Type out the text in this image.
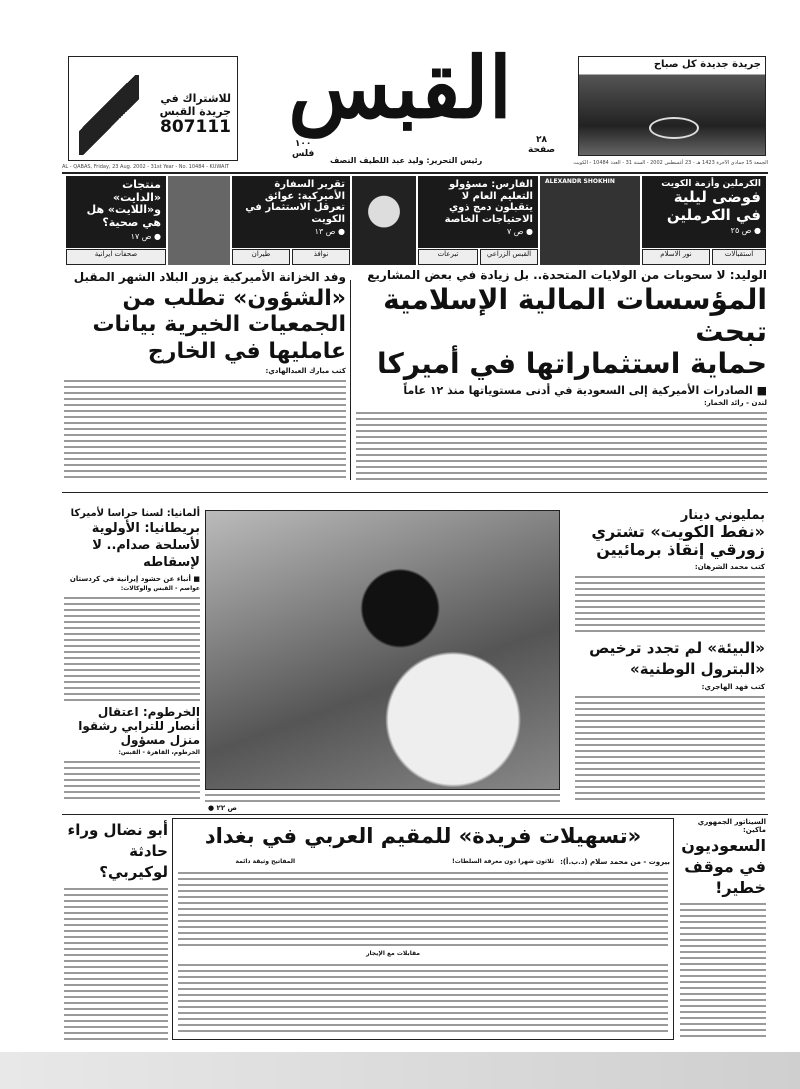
للاشتراك في
جريدة القبس
807111 القبس
١٠٠
فلس
رئيس التحرير: وليد عبد اللطيف النصف
٢٨
صفحة
جريدة جديدة كل صباح
AL - QABAS, Friday, 23 Aug. 2002 - 31st Year - No. 10484 - KUWAIT
الجمعة 15 جمادى الآخرة 1423 هـ - 23 أغسطس 2002 - السنة 31 - العدد 10484 - الكويت
الكرملين وأزمة الكويت
فوضى ليلية في الكرملين
● ص ٢٥
ALEXANDR SHOKHIN
الفارس: مسؤولو التعليم العام لا يتقبلون دمج ذوي الاحتياجات الخاصة
● ص ٧
تقرير السفارة الأميركية: عوائق تعرقل الاستثمار في الكويت
● ص ١٣
منتجات «الدايت» و«اللايت» هل هي صحية؟
● ص ١٧
استقبالات
نور الاسلام
القبس الزراعي
تبرعات
نوافذ
طيران
صحفات ايرانية
الوليد: لا سحوبات من الولايات المتحدة.. بل زيادة في بعض المشاريع
المؤسسات المالية الإسلامية تبحث
حماية استثماراتها في أميركا
■ الصادرات الأميركية إلى السعودية في أدنى مستوياتها منذ ١٢ عاماً
لندن - رائد الخمار:
وفد الخزانة الأميركية يزور البلاد الشهر المقبل
«الشؤون» تطلب من الجمعيات الخيرية بيانات عامليها في الخارج
كتب مبارك العبدالهادي:
بمليوني دينار
«نفط الكويت» تشتري زورقي إنقاذ برمائيين
كتب محمد الشرهان:
«البيئة» لم تجدد ترخيص «البترول الوطنية»
كتب فهد الهاجري:
ألمانيا: لسنا حراسا لأميركا
بريطانيا: الأولوية لأسلحة صدام.. لا لإسقاطه
■ أنباء عن حشود إيرانية في كردستان
عواصم - القبس والوكالات:
الخرطوم: اعتقال أنصار للترابي رشقوا منزل مسؤول
الخرطوم، القاهرة - القبس:
● ص ٢٢
السيناتور الجمهوري ماكين:
السعوديون في موقف خطير!
«تسهيلات فريدة» للمقيم العربي في بغداد
بيروت - من محمد سلام (د.ب.أ):
ثلاثون شهرا دون معرفة السلطات!
المفاتيح وثيقة دائمة
مقابلات مع الإيجار
أبو نضال وراء حادثة لوكيربي؟
